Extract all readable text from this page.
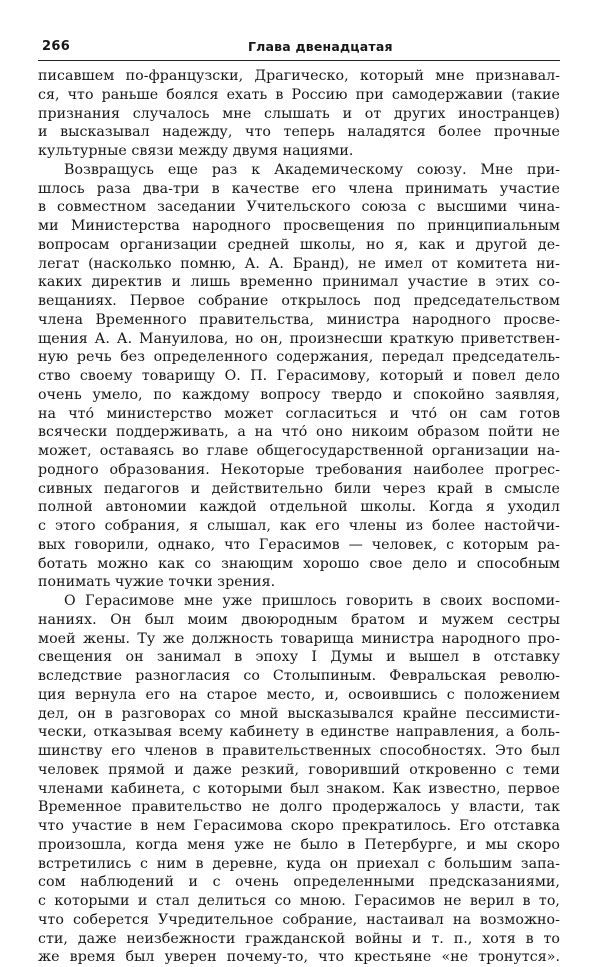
266	Глава двенадцатая
писавшем по-французски, Драгическо, который мне признавал-
ся, что раньше боялся ехать в Россию при самодержавии (такие
признания случалось мне слышать и от других иностранцев)
и высказывал надежду, что теперь наладятся более прочные
культурные связи между двумя нациями.
Возвращусь еще раз к Академическому союзу. Мне при-
шлось раза два-три в качестве его члена принимать участие
в совместном заседании Учительского союза с высшими чина-
ми Министерства народного просвещения по принципиальным
вопросам организации средней школы, но я, как и другой де-
легат (насколько помню, А. А. Бранд), не имел от комитета ни-
каких директив и лишь временно принимал участие в этих со-
вещаниях. Первое собрание открылось под председательством
члена Временного правительства, министра народного просве-
щения А. А. Мануилова, но он, произнесши краткую приветствен-
ную речь без определенного содержания, передал председатель-
ство своему товарищу О. П. Герасимову, который и повел дело
очень умело, по каждому вопросу твердо и спокойно заявляя,
на что́ министерство может согласиться и что́ он сам готов
всячески поддерживать, а на что́ оно никоим образом пойти не
может, оставаясь во главе общегосударственной организации на-
родного образования. Некоторые требования наиболее прогрес-
сивных педагогов и действительно били через край в смысле
полной автономии каждой отдельной школы. Когда я уходил
с этого собрания, я слышал, как его члены из более настойчи-
вых говорили, однако, что Герасимов — человек, с которым ра-
ботать можно как со знающим хорошо свое дело и способным
понимать чужие точки зрения.
О Герасимове мне уже пришлось говорить в своих воспоми-
наниях. Он был моим двоюродным братом и мужем сестры
моей жены. Ту же должность товарища министра народного про-
свещения он занимал в эпоху I Думы и вышел в отставку
вследствие разногласия со Столыпиным. Февральская револю-
ция вернула его на старое место, и, освоившись с положением
дел, он в разговорах со мной высказывался крайне пессимисти-
чески, отказывая всему кабинету в единстве направления, а боль-
шинству его членов в правительственных способностях. Это был
человек прямой и даже резкий, говоривший откровенно с теми
членами кабинета, с которыми был знаком. Как известно, первое
Временное правительство не долго продержалось у власти, так
что участие в нем Герасимова скоро прекратилось. Его отставка
произошла, когда меня уже не было в Петербурге, и мы скоро
встретились с ним в деревне, куда он приехал с большим запа-
сом наблюдений и с очень определенными предсказаниями,
с которыми и стал делиться со мною. Герасимов не верил в то,
что соберется Учредительное собрание, настаивал на возможно-
сти, даже неизбежности гражданской войны и т. п., хотя в то
же время был уверен почему-то, что крестьяне «не тронутся».
